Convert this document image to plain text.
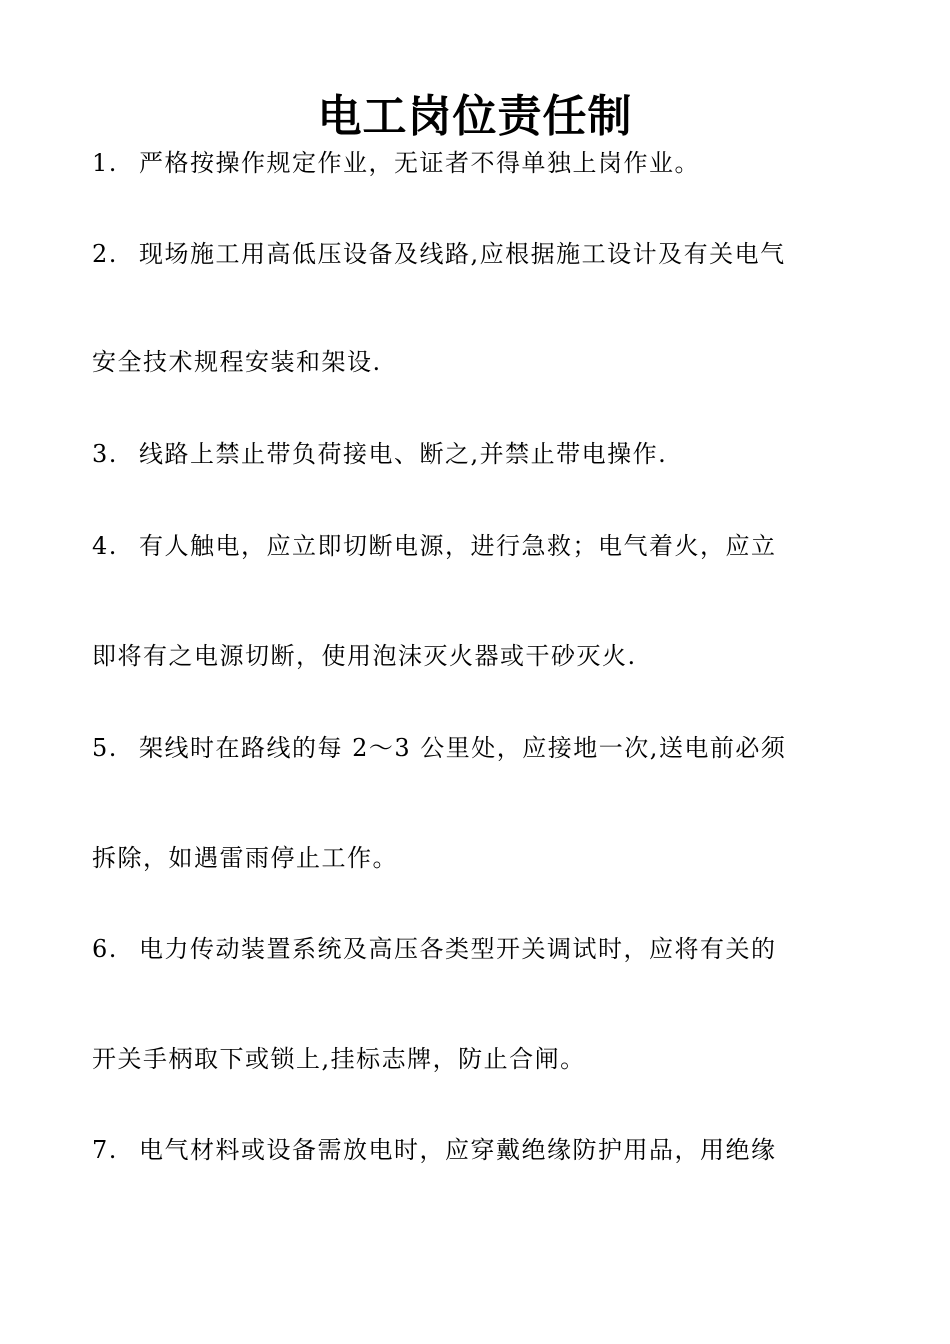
电工岗位责任制
1. 严格按操作规定作业，无证者不得单独上岗作业。
2. 现场施工用高低压设备及线路,应根据施工设计及有关电气
安全技术规程安装和架设.
3. 线路上禁止带负荷接电、断之,并禁止带电操作.
4. 有人触电，应立即切断电源，进行急救；电气着火，应立
即将有之电源切断，使用泡沫灭火器或干砂灭火.
5. 架线时在路线的每 2～3 公里处，应接地一次,送电前必须
拆除，如遇雷雨停止工作。
6. 电力传动装置系统及高压各类型开关调试时，应将有关的
开关手柄取下或锁上,挂标志牌，防止合闸。
7. 电气材料或设备需放电时，应穿戴绝缘防护用品，用绝缘
